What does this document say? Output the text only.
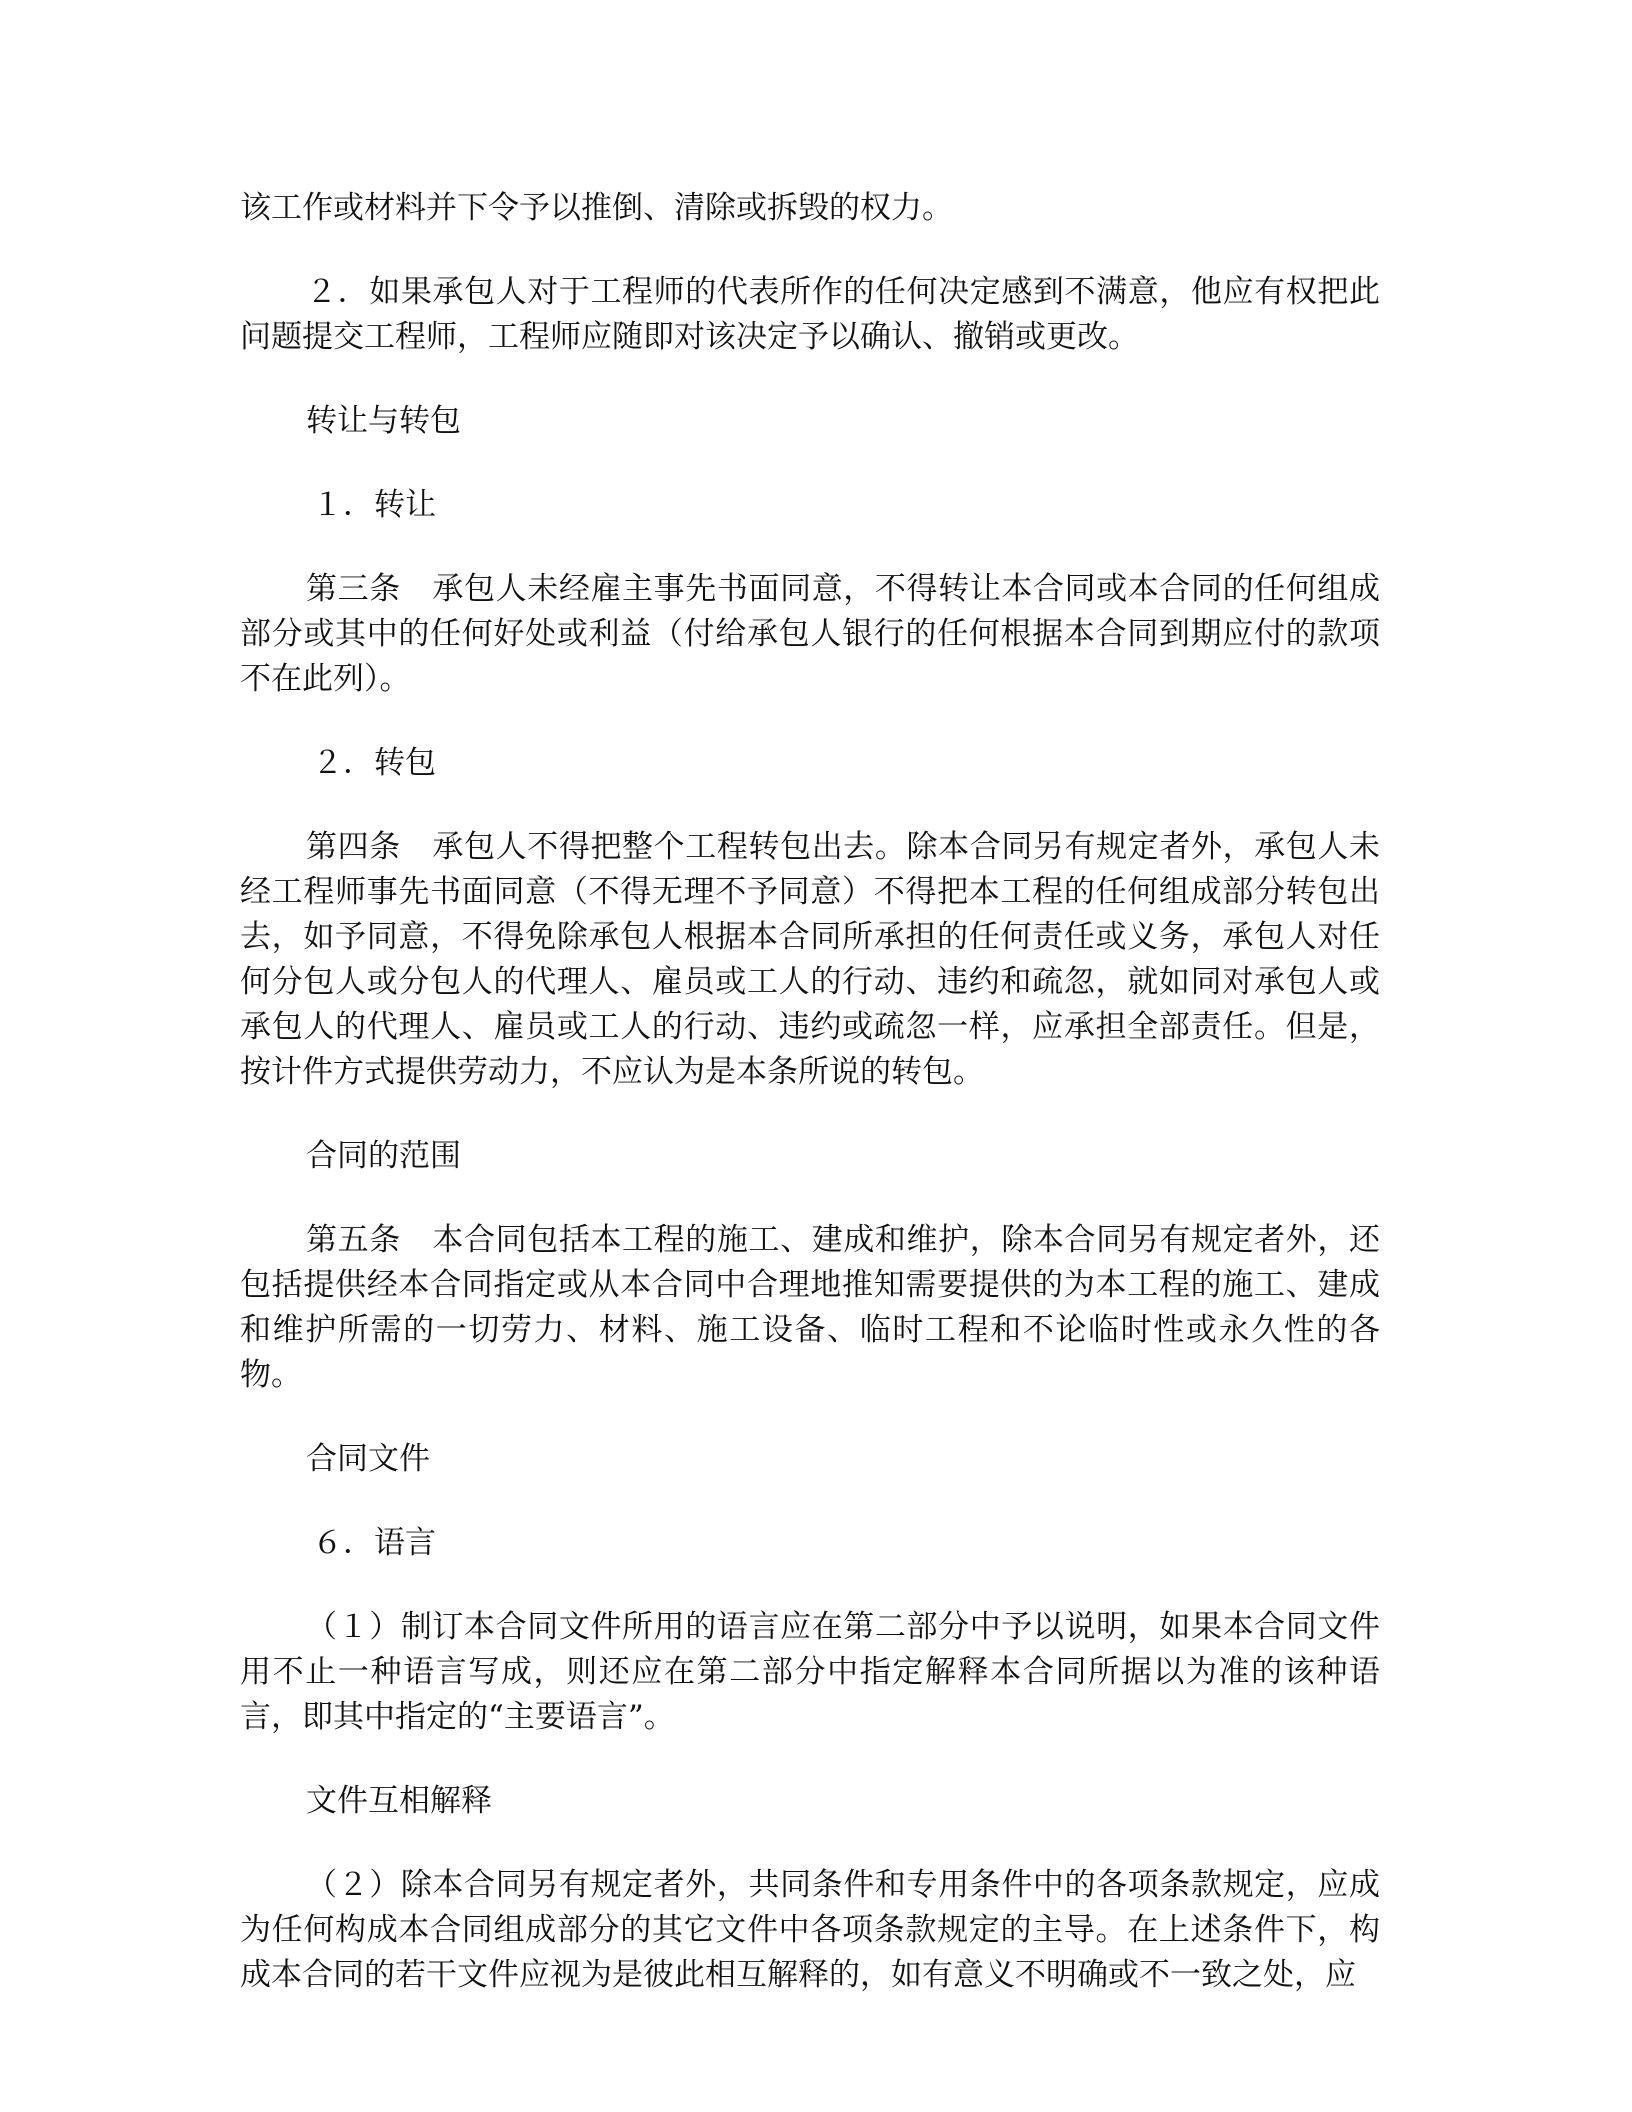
该工作或材料并下令予以推倒、清除或拆毁的权力。

２．如果承包人对于工程师的代表所作的任何决定感到不满意，他应有权把此问题提交工程师，工程师应随即对该决定予以确认、撤销或更改。

转让与转包

１．转让

第三条　承包人未经雇主事先书面同意，不得转让本合同或本合同的任何组成部分或其中的任何好处或利益（付给承包人银行的任何根据本合同到期应付的款项不在此列）。

２．转包

第四条　承包人不得把整个工程转包出去。除本合同另有规定者外，承包人未经工程师事先书面同意（不得无理不予同意）不得把本工程的任何组成部分转包出去，如予同意，不得免除承包人根据本合同所承担的任何责任或义务，承包人对任何分包人或分包人的代理人、雇员或工人的行动、违约和疏忽，就如同对承包人或承包人的代理人、雇员或工人的行动、违约或疏忽一样，应承担全部责任。但是，按计件方式提供劳动力，不应认为是本条所说的转包。

合同的范围

第五条　本合同包括本工程的施工、建成和维护，除本合同另有规定者外，还包括提供经本合同指定或从本合同中合理地推知需要提供的为本工程的施工、建成和维护所需的一切劳力、材料、施工设备、临时工程和不论临时性或永久性的各物。

合同文件

６．语言

（１）制订本合同文件所用的语言应在第二部分中予以说明，如果本合同文件用不止一种语言写成，则还应在第二部分中指定解释本合同所据以为准的该种语言，即其中指定的“主要语言”。

文件互相解释

（２）除本合同另有规定者外，共同条件和专用条件中的各项条款规定，应成为任何构成本合同组成部分的其它文件中各项条款规定的主导。在上述条件下，构成本合同的若干文件应视为是彼此相互解释的，如有意义不明确或不一致之处，应
